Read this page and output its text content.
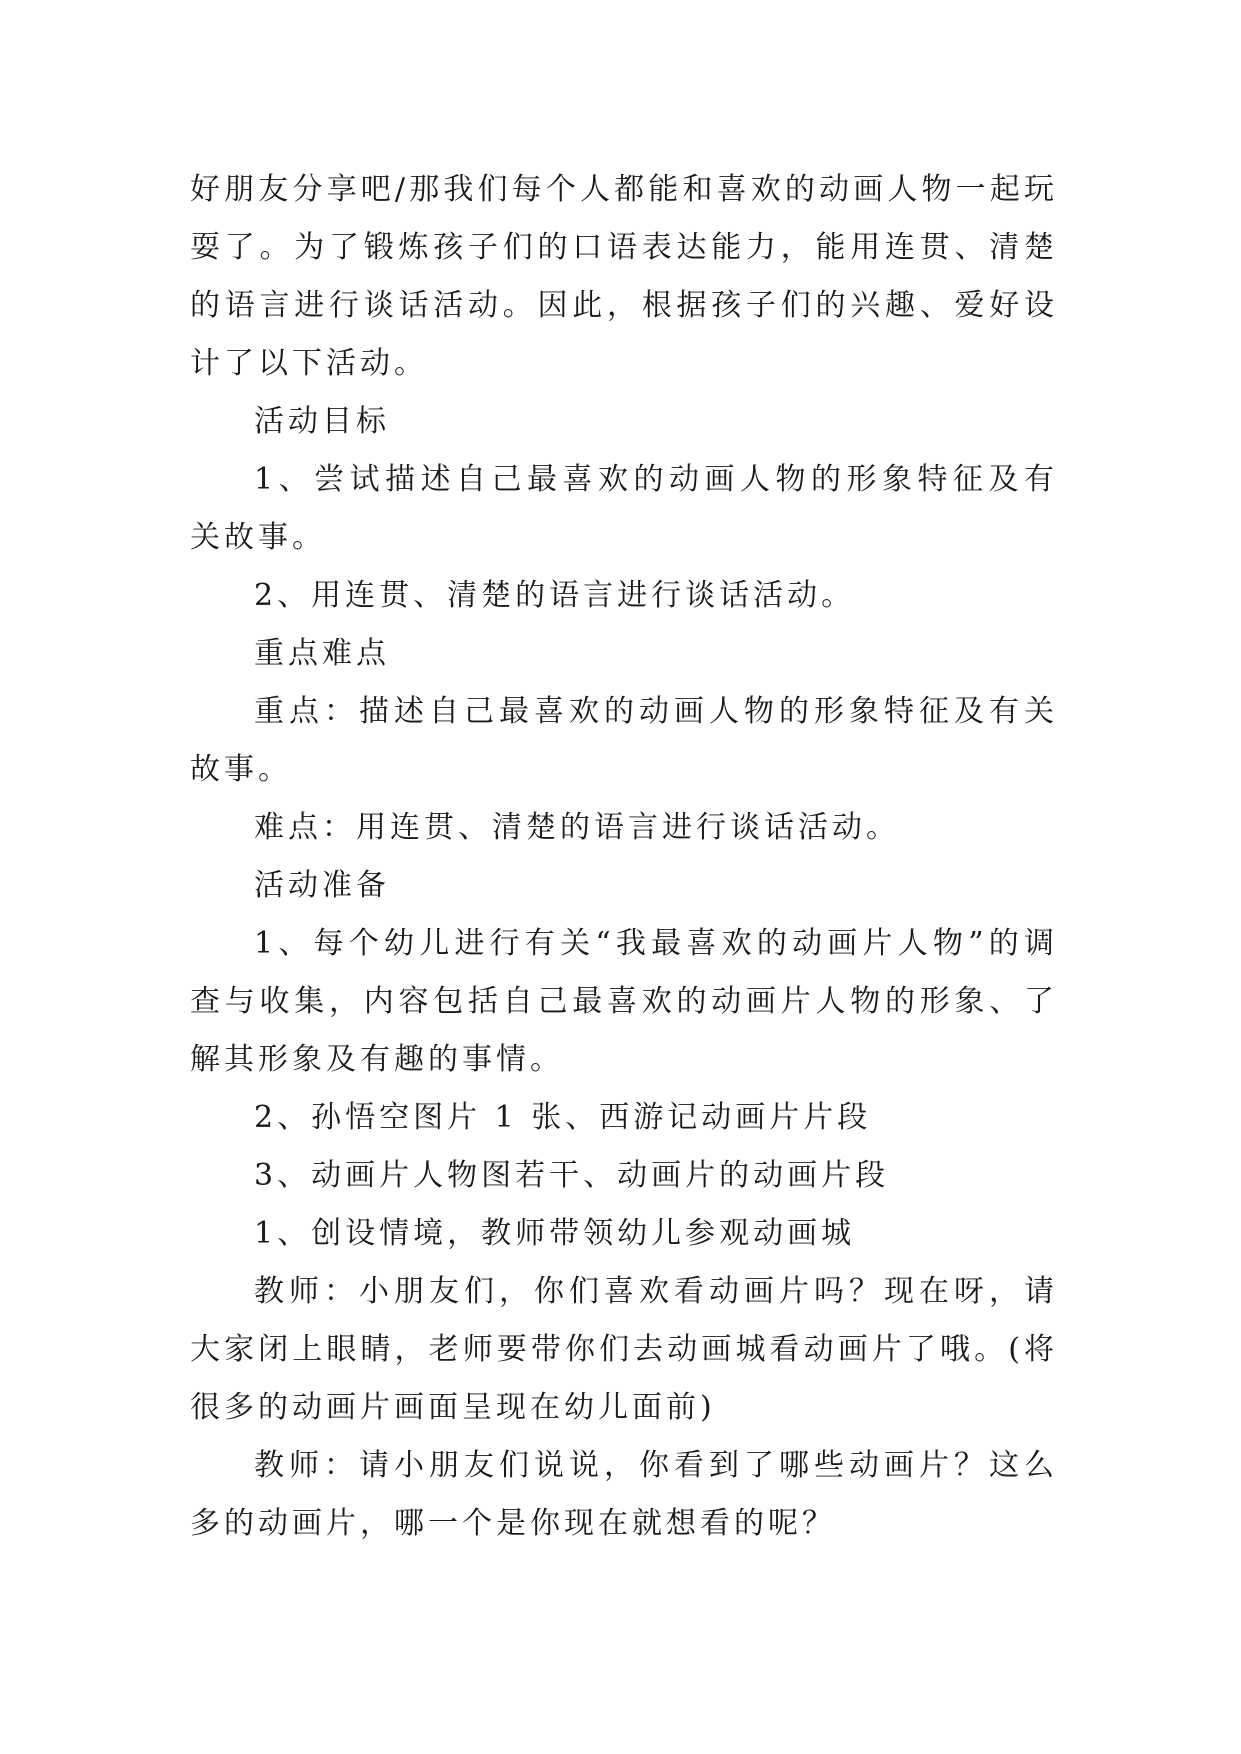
好朋友分享吧/那我们每个人都能和喜欢的动画人物一起玩耍了。为了锻炼孩子们的口语表达能力，能用连贯、清楚的语言进行谈话活动。因此，根据孩子们的兴趣、爱好设计了以下活动。

活动目标

1、尝试描述自己最喜欢的动画人物的形象特征及有关故事。

2、用连贯、清楚的语言进行谈话活动。

重点难点

重点：描述自己最喜欢的动画人物的形象特征及有关故事。

难点：用连贯、清楚的语言进行谈话活动。

活动准备

1、每个幼儿进行有关“我最喜欢的动画片人物”的调查与收集，内容包括自己最喜欢的动画片人物的形象、了解其形象及有趣的事情。

2、孙悟空图片 1 张、西游记动画片片段

3、动画片人物图若干、动画片的动画片段

1、创设情境，教师带领幼儿参观动画城

教师：小朋友们，你们喜欢看动画片吗？现在呀，请大家闭上眼睛，老师要带你们去动画城看动画片了哦。(将很多的动画片画面呈现在幼儿面前)

教师：请小朋友们说说，你看到了哪些动画片？这么多的动画片，哪一个是你现在就想看的呢？
